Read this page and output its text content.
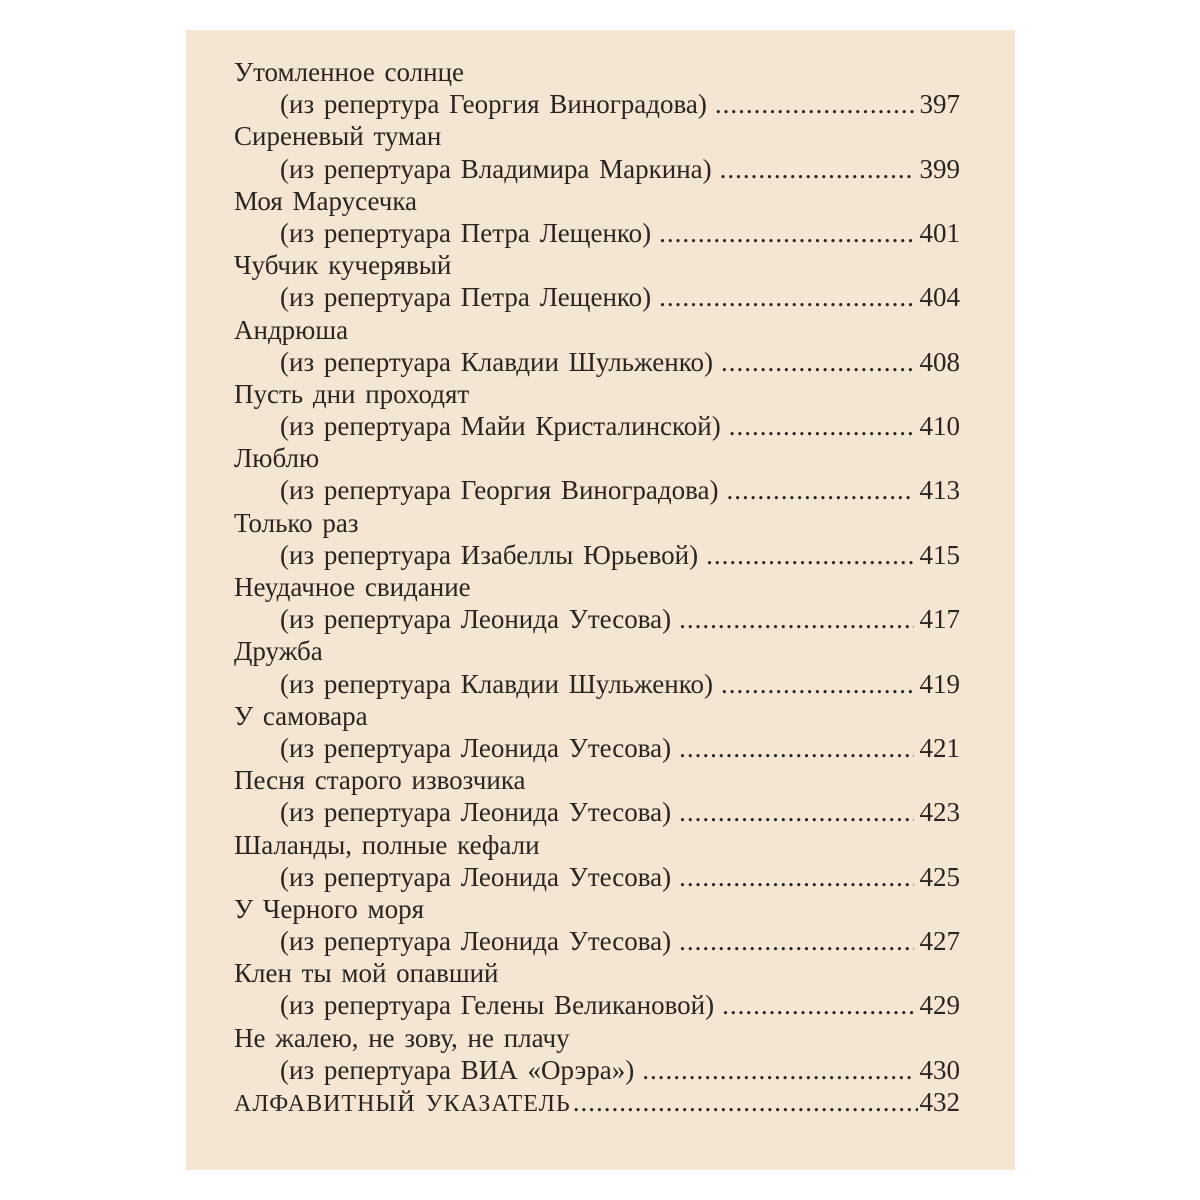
Утомленное солнце
(из репертура Георгия Виноградова) .....	397
Сиреневый туман
(из репертуара Владимира Маркина) .....	399
Моя Марусечка
(из репертуара Петра Лещенко) .....	401
Чубчик кучерявый
(из репертуара Петра Лещенко) .....	404
Андрюша
(из репертуара Клавдии Шульженко) .....	408
Пусть дни проходят
(из репертуара Майи Кристалинской) .....	410
Люблю
(из репертуара Георгия Виноградова) .....	413
Только раз
(из репертуара Изабеллы Юрьевой) .....	415
Неудачное свидание
(из репертуара Леонида Утесова) .....	417
Дружба
(из репертуара Клавдии Шульженко) .....	419
У самовара
(из репертуара Леонида Утесова) .....	421
Песня старого извозчика
(из репертуара Леонида Утесова) .....	423
Шаланды, полные кефали
(из репертуара Леонида Утесова) .....	425
У Черного моря
(из репертуара Леонида Утесова) .....	427
Клен ты мой опавший
(из репертуара Гелены Великановой) .....	429
Не жалею, не зову, не плачу
(из репертуара ВИА «Орэра») .....	430
АЛФАВИТНЫЙ УКАЗАТЕЛЬ .....	432
